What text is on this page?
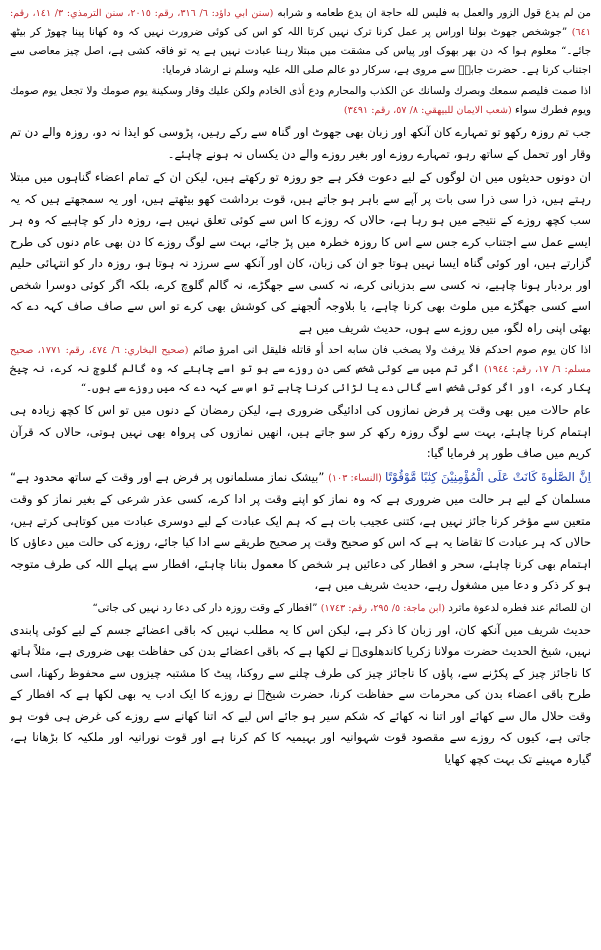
من لم يدع قول الزور والعمل به فليس لله حاجة ان يدع طعامه و شرابه (سنن ابي داؤد: ٦/ ٣١٦، رقم: ٢٠١٥، سنن الترمذي: ٣/ ١٤١، رقم: ٦٤١) ”جوشخص جھوٹ بولنا اوراس پر عمل کرنا ترک نہیں کرتا اللہ کو اس کی کوئی ضرورت نہیں کہ وہ کھانا پینا چھوڑ کر بیٹھ جائے۔“ معلوم ہوا کہ دن بھر بھوک اور پیاس کی مشقت میں مبتلا رہنا عبادت نہیں ہے یہ تو فاقہ کشی ہے، اصل چیز معاصی سے اجتناب کرنا ہے۔ حضرت جابرؓ سے مروی ہے، سرکار دو عالم صلی اللہ علیہ وسلم نے ارشاد فرمایا:

اذا صمت فليصم سمعك وبصرك ولسانك عن الكذب والمحارم ودع أذى الخادم ولكن عليك وقار وسكينة يوم صومك ولا تجعل يوم صومك ويوم فطرك سواء (شعب الايمان للبيهقي: ٨/ ٥٧، رقم: ٣٤٩١)

جب تم روزہ رکھو تو تمہارے کان آنکھ اور زبان بھی جھوٹ اور گناہ سے رکے رہیں، پڑوسی کو ایذا نہ دو، روزہ والے دن تم وقار اور تحمل کے ساتھ رہو، تمہارے روزے اور بغیر روزے والے دن یکساں نہ ہونے چاہئے۔

ان دونوں حدیثوں میں ان لوگوں کے لیے دعوت فکر ہے جو روزہ تو رکھتے ہیں، لیکن ان کے تمام اعضاء گناہوں میں مبتلا رہتے ہیں، ذرا سی ذرا سی بات پر آپے سے باہر ہو جاتے ہیں، قوت برداشت کھو بیٹھتے ہیں، اور یہ سمجھتے ہیں کہ یہ سب کچھ روزے کے نتیجے میں ہو رہا ہے، حالاں کہ روزے کا اس سے کوئی تعلق نہیں ہے، روزہ دار کو چاہیے کہ وہ ہر ایسے عمل سے اجتناب کرے جس سے اس کا روزہ خطرہ میں پڑ جائے، بہت سے لوگ روزے کا دن بھی عام دنوں کی طرح گزارتے ہیں، اور کوئی گناہ ایسا نہیں ہوتا جو ان کی زبان، کان اور آنکھ سے سرزد نہ ہوتا ہو، روزہ دار کو انتہائی حلیم اور بردبار ہونا چاہیے، نہ کسی سے بدزبانی کرے، نہ کسی سے جھگڑے، نہ گالم گلوچ کرے، بلکہ اگر کوئی دوسرا شخص اسے کسی جھگڑے میں ملوث بھی کرنا چاہے، یا بلاوجہ اُلجھنے کی کوشش بھی کرے تو اس سے صاف صاف کہہ دے کہ بھئی اپنی راہ لگو، میں روزے سے ہوں، حدیث شریف میں ہے

اذا كان يوم صوم احدكم فلا يرفث ولا يصخب فان سابه احد أو قاتله فليقل انى امرؤ صائم (صحيح البخاري: ٦/ ٤٧٤، رقم: ١٧٧١، صحيح مسلم: ٦/ ١٧، رقم: ١٩٤٤) اگر تم میں سے کوئی شخص کسی دن روزے سے ہو تو اسے چاہئے کہ وہ گالم گلوچ نہ کرے، نہ چیخ پکار کرے، اور اگر کوئی شخص اسے گالی دے یا لڑائی کرنا چاہے تو اس سے کہہ دے کہ میں روزے سے ہوں۔“

عام حالات میں بھی وقت پر فرض نمازوں کی ادائیگی ضروری ہے، لیکن رمضان کے دنوں میں تو اس کا کچھ زیادہ ہی اہتمام کرنا چاہئے، بہت سے لوگ روزہ رکھ کر سو جاتے ہیں، انھیں نمازوں کی پرواہ بھی نہیں ہوتی، حالاں کہ قرآن کریم میں صاف طور پر فرمایا گیا:

اِنَّ الصَّلٰوةَ كَانَتْ عَلَى الْمُؤْمِنِيْنَ كِتٰبًا مَّوْقُوْتًا (النساء: ١٠٣) ”بیشک نماز مسلمانوں پر فرض ہے اور وقت کے ساتھ محدود ہے“ مسلمان کے لیے ہر حالت میں ضروری ہے کہ وہ نماز کو اپنے وقت پر ادا کرے، کسی عذر شرعی کے بغیر نماز کو وقت متعین سے مؤخر کرنا جائز نہیں ہے، کتنی عجیب بات ہے کہ ہم ایک عبادت کے لیے دوسری عبادت میں کوتاہی کرتے ہیں، حالاں کہ ہر عبادت کا تقاضا یہ ہے کہ اس کو صحیح وقت پر صحیح طریقے سے ادا کیا جائے، روزے کی حالت میں دعاؤں کا اہتمام بھی کرنا چاہئے، سحر و افطار کی دعائیں ہر شخص کا معمول بنانا چاہئے، افطار سے پہلے اللہ کی طرف متوجہ ہو کر ذکر و دعا میں مشغول رہے، حدیث شریف میں ہے،

ان للصائم عند فطره لدعوة ماترد (ابن ماجة: ٥/ ٢٩٥، رقم: ١٧٤٣) ”افطار کے وقت روزہ دار کی دعا رد نہیں کی جاتی“

حدیث شریف میں آنکھ کان، اور زبان کا ذکر ہے، لیکن اس کا یہ مطلب نہیں کہ باقی اعضائے جسم کے لیے کوئی پابندی نہیں، شیخ الحدیث حضرت مولانا زکریا کاندھلویؒ نے لکھا ہے کہ باقی اعضائے بدن کی حفاظت بھی ضروری ہے، مثلاً ہاتھ کا ناجائز چیز کے پکڑنے سے، پاؤں کا ناجائز چیز کی طرف چلنے سے روکنا، پیٹ کا مشتبہ چیزوں سے محفوظ رکھنا، اسی طرح باقی اعضاء بدن کی محرمات سے حفاظت کرنا، حضرت شیخؒ نے روزے کا ایک ادب یہ بھی لکھا ہے کہ افطار کے وقت حلال مال سے کھائے اور اتنا نہ کھائے کہ شکم سیر ہو جائے اس لیے کہ اتنا کھانے سے روزے کی غرض ہی فوت ہو جاتی ہے، کیوں کہ روزے سے مقصود قوت شہوانیہ اور بہیمیہ کا کم کرنا ہے اور قوت نورانیہ اور ملکیہ کا بڑھانا ہے، گیارہ مہینے تک بہت کچھ کھایا
